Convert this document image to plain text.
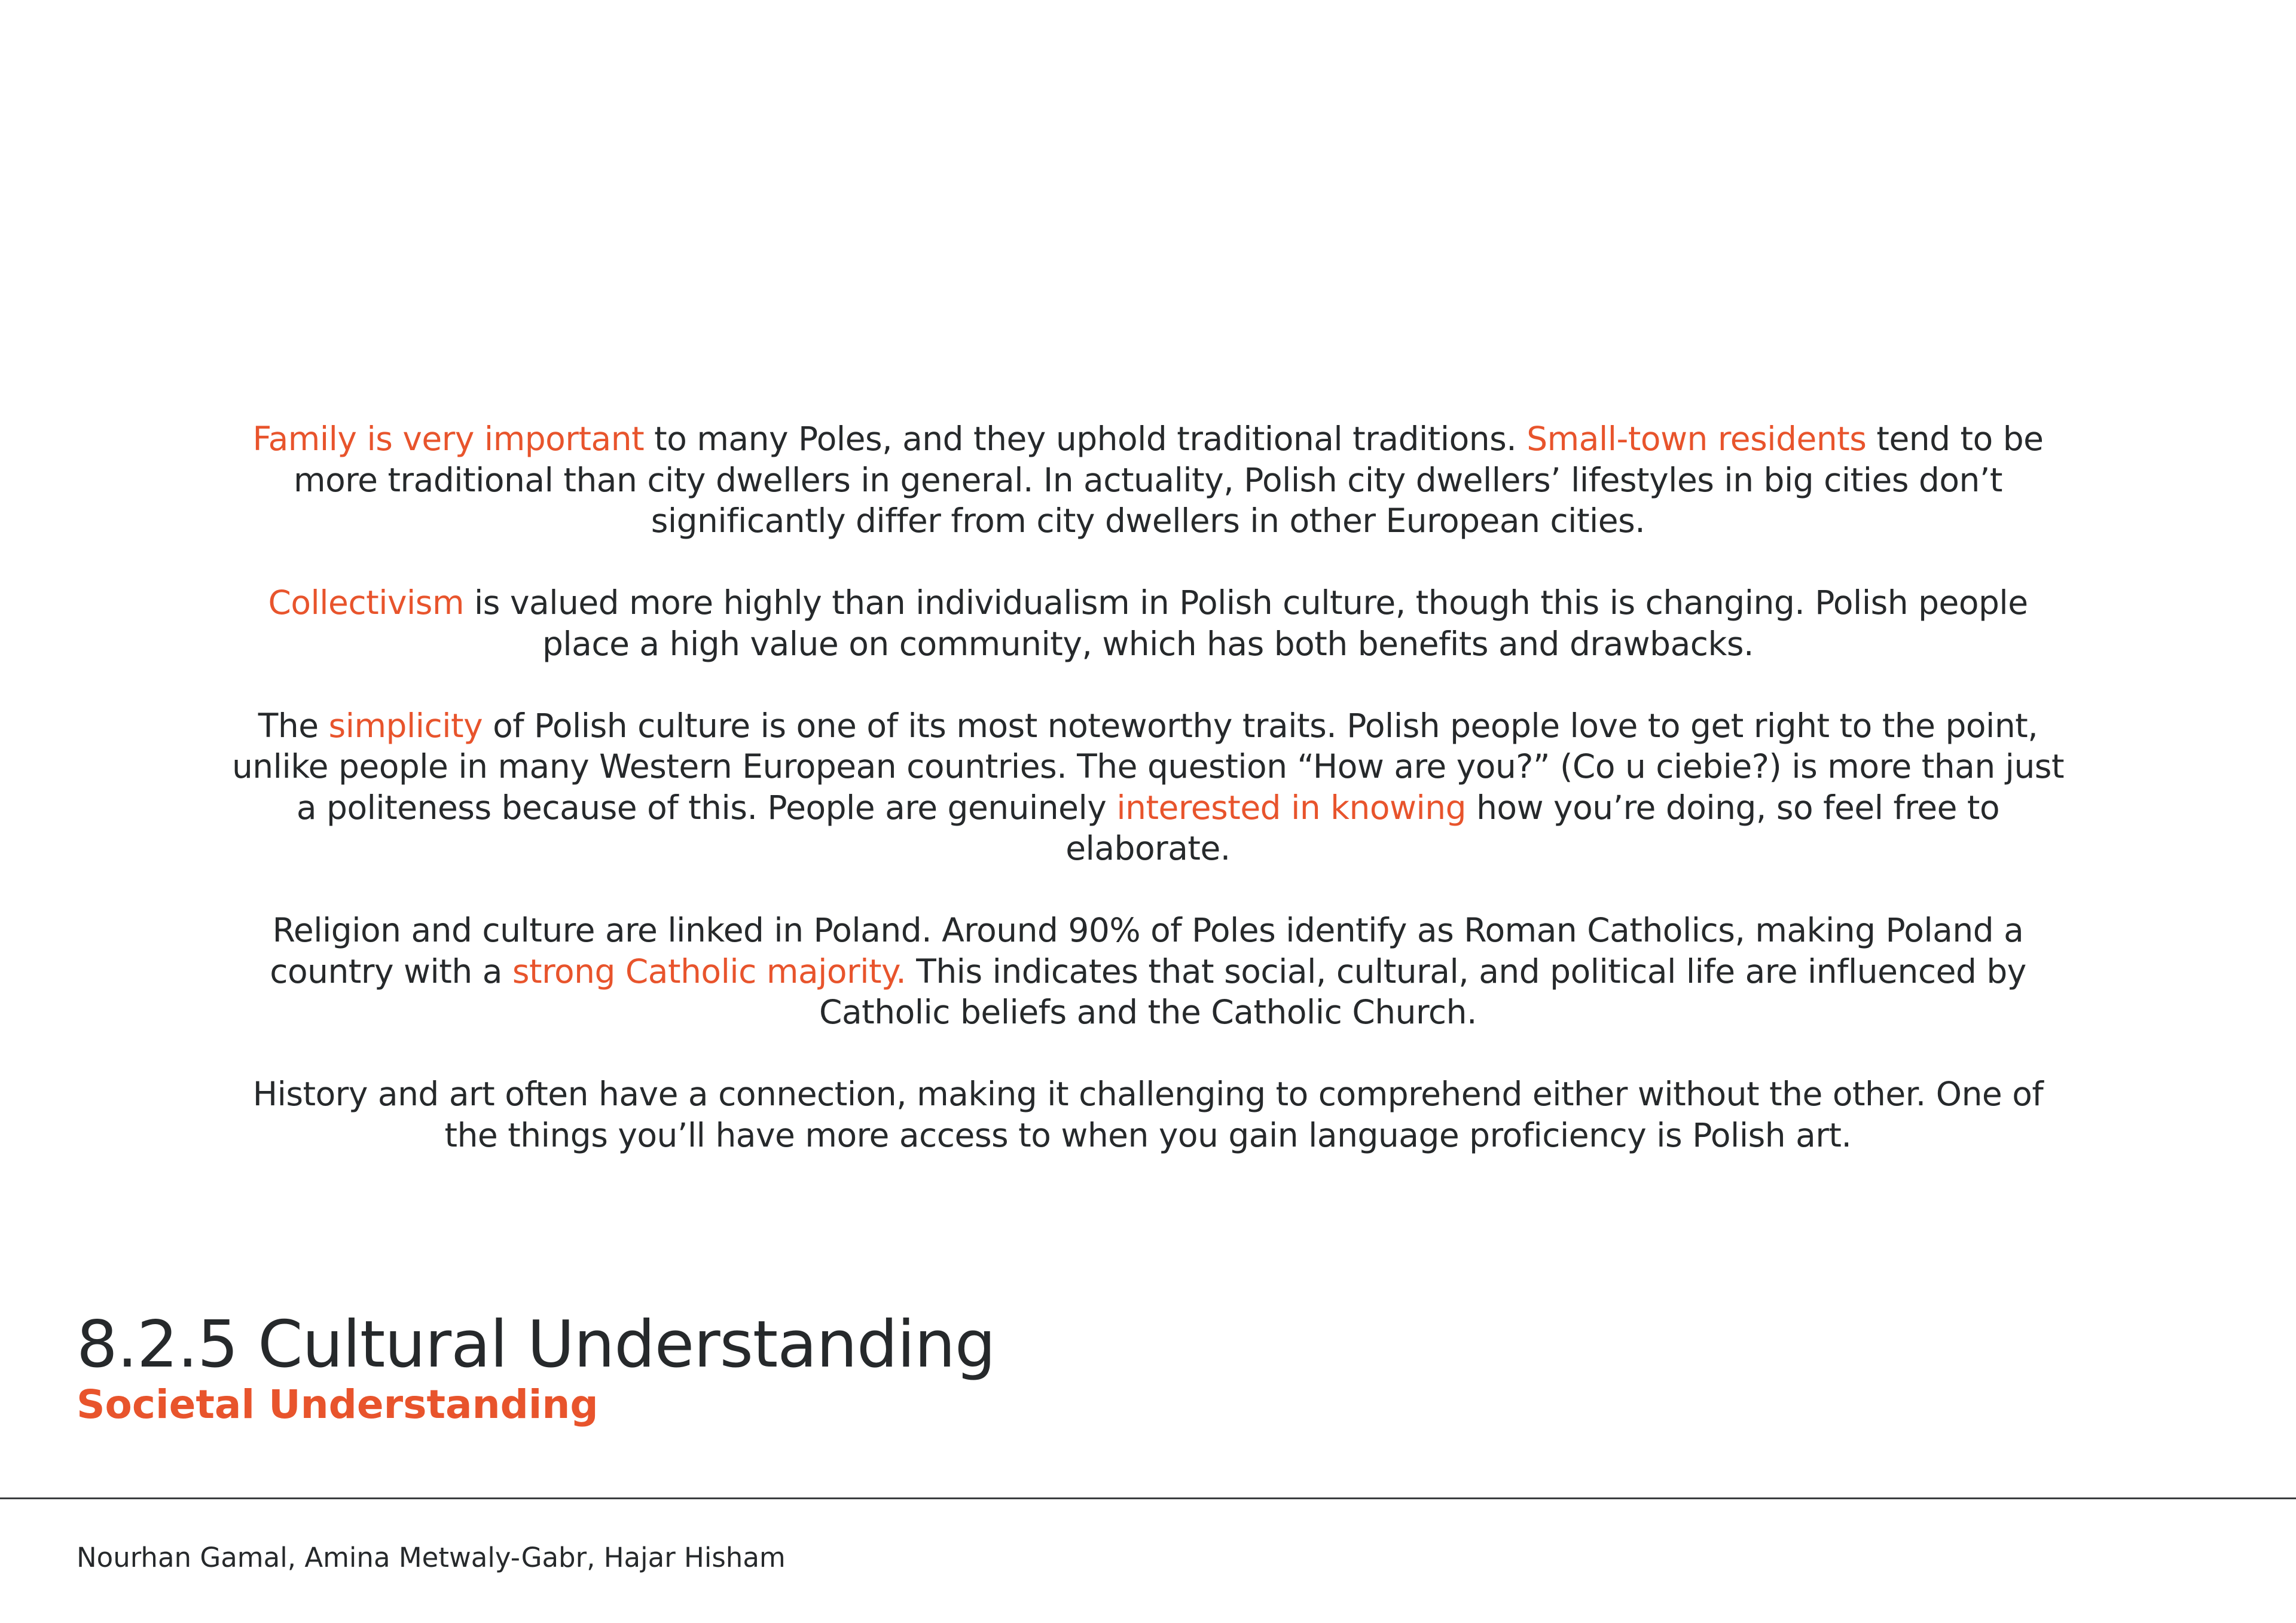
Family is very important to many Poles, and they uphold traditional traditions. Small-town residents tend to be more traditional than city dwellers in general. In actuality, Polish city dwellers’ lifestyles in big cities don’t significantly differ from city dwellers in other European cities.

Collectivism is valued more highly than individualism in Polish culture, though this is changing. Polish people place a high value on community, which has both benefits and drawbacks.

The simplicity of Polish culture is one of its most noteworthy traits. Polish people love to get right to the point, unlike people in many Western European countries. The question “How are you?” (Co u ciebie?) is more than just a politeness because of this. People are genuinely interested in knowing how you’re doing, so feel free to elaborate.

Religion and culture are linked in Poland. Around 90% of Poles identify as Roman Catholics, making Poland a country with a strong Catholic majority. This indicates that social, cultural, and political life are influenced by Catholic beliefs and the Catholic Church.

History and art often have a connection, making it challenging to comprehend either without the other. One of the things you’ll have more access to when you gain language proficiency is Polish art.

8.2.5 Cultural Understanding
Societal Understanding

Nourhan Gamal, Amina Metwaly-Gabr, Hajar Hisham
